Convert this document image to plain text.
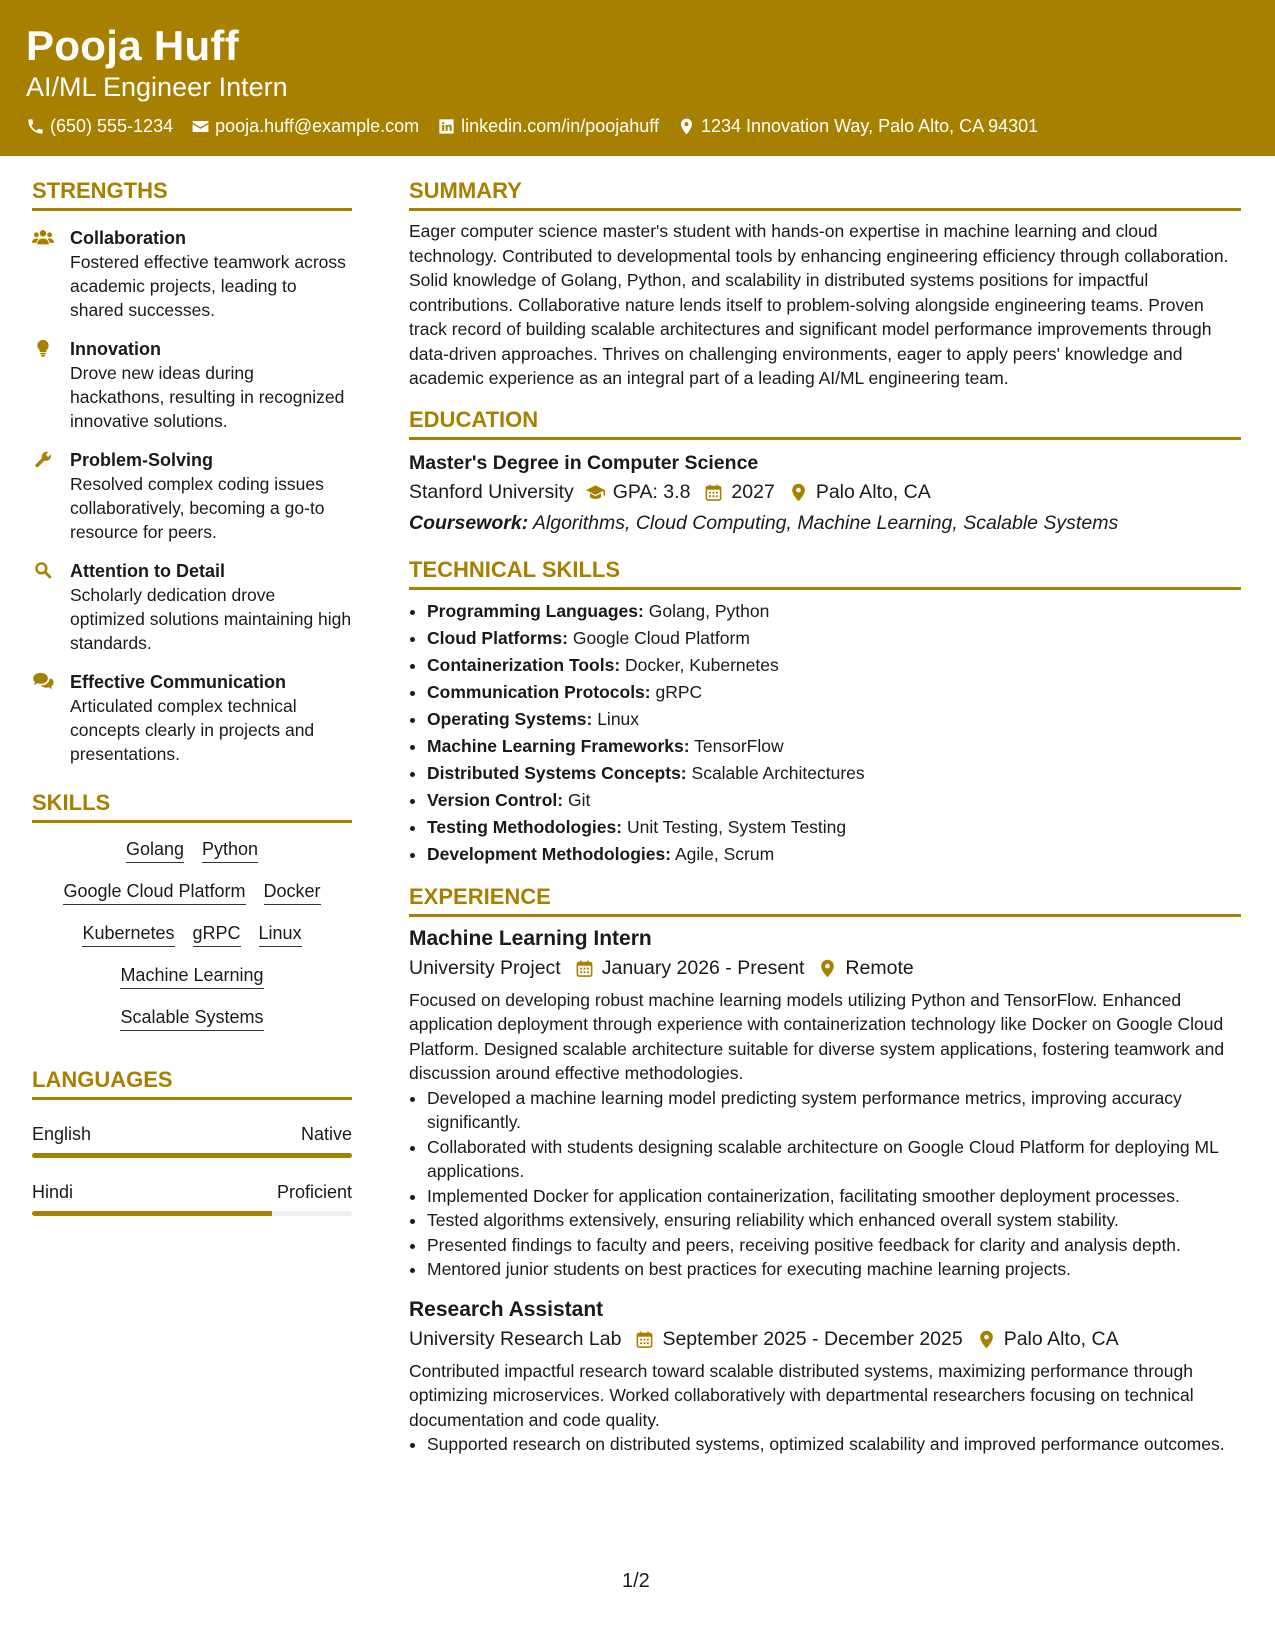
Pooja Huff
AI/ML Engineer Intern
(650) 555-1234 pooja.huff@example.com linkedin.com/in/poojahuff 1234 Innovation Way, Palo Alto, CA 94301
STRENGTHS
Collaboration
Fostered effective teamwork across academic projects, leading to shared successes.
Innovation
Drove new ideas during hackathons, resulting in recognized innovative solutions.
Problem-Solving
Resolved complex coding issues collaboratively, becoming a go-to resource for peers.
Attention to Detail
Scholarly dedication drove optimized solutions maintaining high standards.
Effective Communication
Articulated complex technical concepts clearly in projects and presentations.
SKILLS
Golang Python
Google Cloud Platform Docker
Kubernetes gRPC Linux
Machine Learning
Scalable Systems
LANGUAGES
English	Native
Hindi	Proficient
SUMMARY
Eager computer science master's student with hands-on expertise in machine learning and cloud technology. Contributed to developmental tools by enhancing engineering efficiency through collaboration. Solid knowledge of Golang, Python, and scalability in distributed systems positions for impactful contributions. Collaborative nature lends itself to problem-solving alongside engineering teams. Proven track record of building scalable architectures and significant model performance improvements through data-driven approaches. Thrives on challenging environments, eager to apply peers' knowledge and academic experience as an integral part of a leading AI/ML engineering team.
EDUCATION
Master's Degree in Computer Science
Stanford University GPA: 3.8 2027 Palo Alto, CA
Coursework: Algorithms, Cloud Computing, Machine Learning, Scalable Systems
TECHNICAL SKILLS
• Programming Languages: Golang, Python
• Cloud Platforms: Google Cloud Platform
• Containerization Tools: Docker, Kubernetes
• Communication Protocols: gRPC
• Operating Systems: Linux
• Machine Learning Frameworks: TensorFlow
• Distributed Systems Concepts: Scalable Architectures
• Version Control: Git
• Testing Methodologies: Unit Testing, System Testing
• Development Methodologies: Agile, Scrum
EXPERIENCE
Machine Learning Intern
University Project January 2026 - Present Remote
Focused on developing robust machine learning models utilizing Python and TensorFlow. Enhanced application deployment through experience with containerization technology like Docker on Google Cloud Platform. Designed scalable architecture suitable for diverse system applications, fostering teamwork and discussion around effective methodologies.
• Developed a machine learning model predicting system performance metrics, improving accuracy significantly.
• Collaborated with students designing scalable architecture on Google Cloud Platform for deploying ML applications.
• Implemented Docker for application containerization, facilitating smoother deployment processes.
• Tested algorithms extensively, ensuring reliability which enhanced overall system stability.
• Presented findings to faculty and peers, receiving positive feedback for clarity and analysis depth.
• Mentored junior students on best practices for executing machine learning projects.
Research Assistant
University Research Lab September 2025 - December 2025 Palo Alto, CA
Contributed impactful research toward scalable distributed systems, maximizing performance through optimizing microservices. Worked collaboratively with departmental researchers focusing on technical documentation and code quality.
• Supported research on distributed systems, optimized scalability and improved performance outcomes.
1/2
